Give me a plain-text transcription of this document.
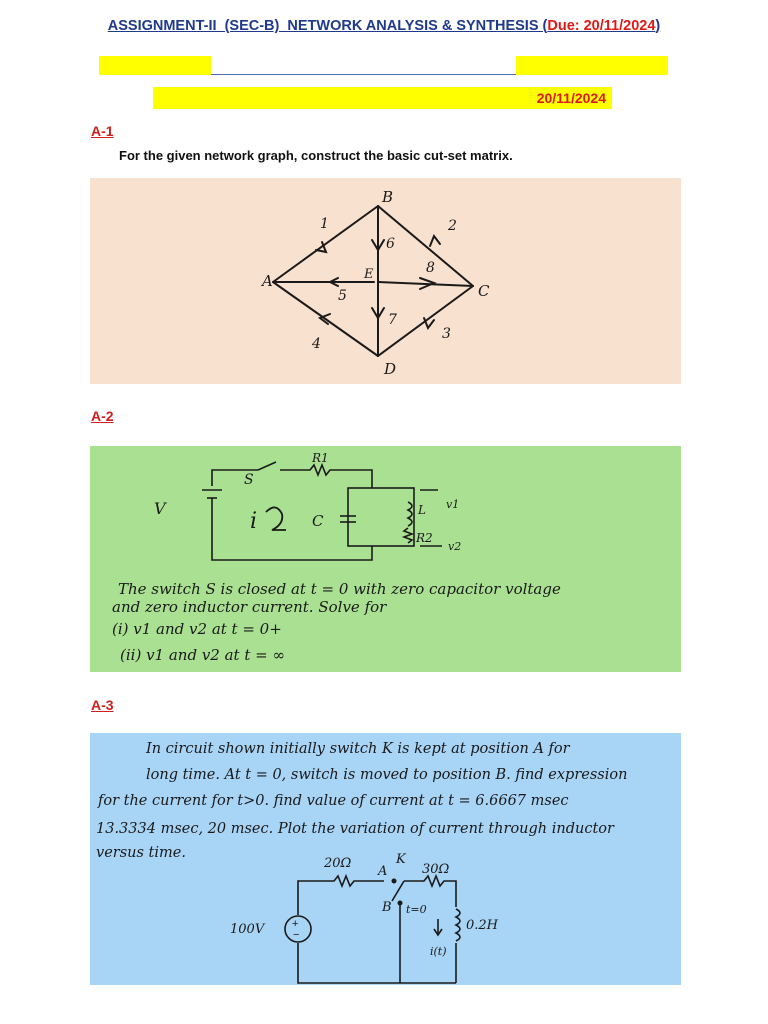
ASSIGNMENT-II_(SEC-B)_NETWORK ANALYSIS & SYNTHESIS (Due: 20/11/2024)
20/11/2024
A-1
For the given network graph, construct the basic cut-set matrix.
B
A
C
D
E
1	2
3
4
5
6
7
8
A-2
V
S
R1
i	C
L
R2
v1
v2
The switch S is closed at t = 0 with zero capacitor voltage
and zero inductor current. Solve for
(i) v1 and v2 at t = 0+
(ii) v1 and v2 at t = ∞
A-3
In circuit shown initially switch K is kept at position A for
long time. At t = 0, switch is moved to position B. find expression
for the current for t>0. find value of current at t = 6.6667 msec
13.3334 msec, 20 msec. Plot the variation of current through inductor
versus time.
+
−
20Ω
A
K
30Ω
B t=0
100V	0.2H
i(t)
